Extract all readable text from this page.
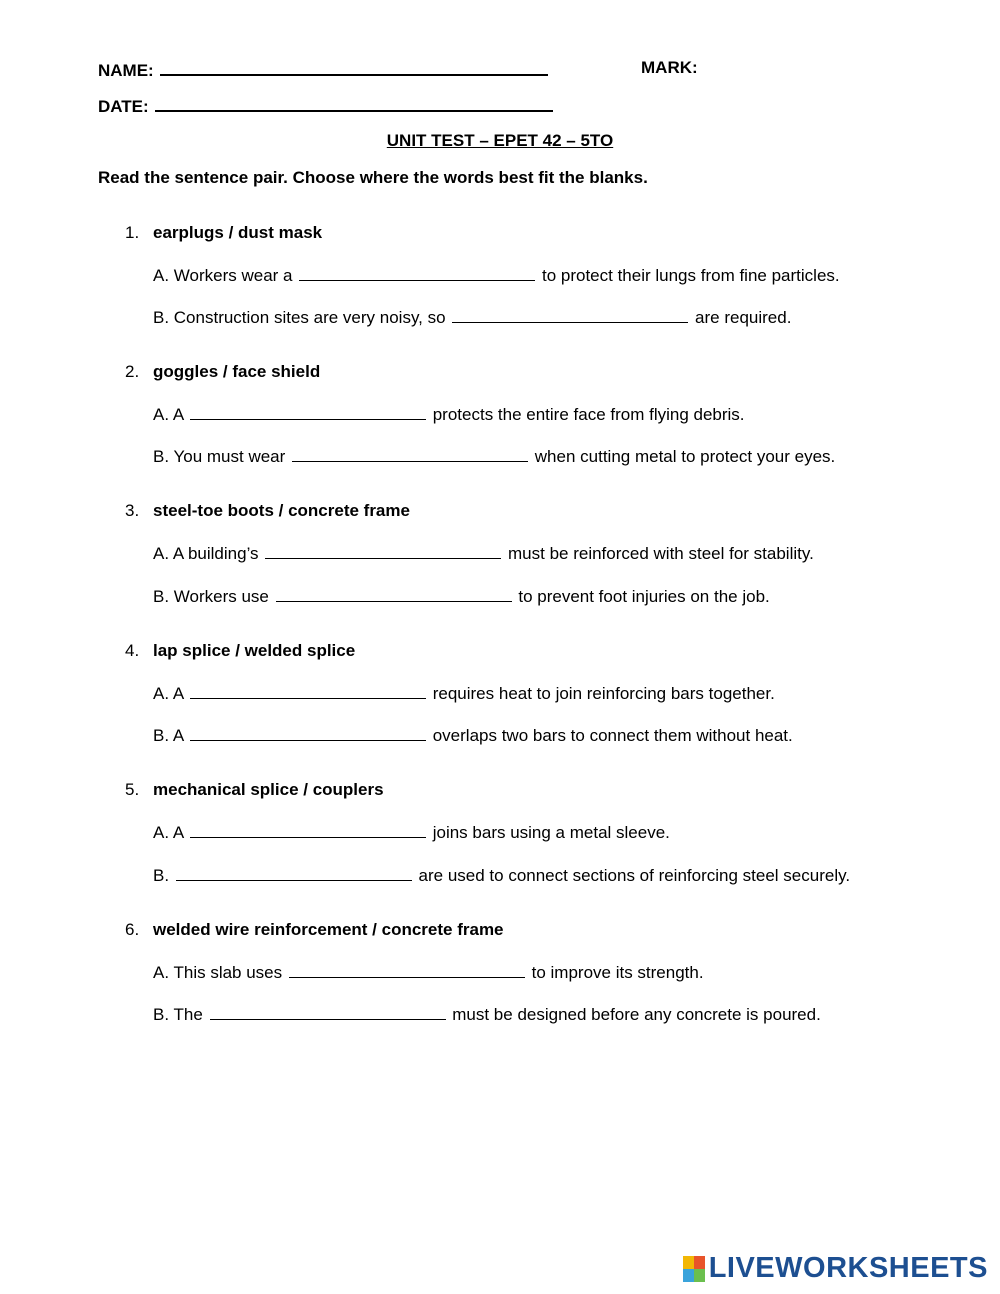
NAME:	MARK:
DATE:
UNIT TEST – EPET 42 – 5TO
Read the sentence pair. Choose where the words best fit the blanks.
1. earplugs / dust mask
A. Workers wear a	to protect their lungs from fine particles.
B. Construction sites are very noisy, so	are required.
2. goggles / face shield
A. A	protects the entire face from flying debris.
B. You must wear	when cutting metal to protect your eyes.
3. steel-toe boots / concrete frame
A. A building’s	must be reinforced with steel for stability.
B. Workers use	to prevent foot injuries on the job.
4. lap splice / welded splice
A. A	requires heat to join reinforcing bars together.
B. A	overlaps two bars to connect them without heat.
5. mechanical splice / couplers
A. A	joins bars using a metal sleeve.
B.	are used to connect sections of reinforcing steel securely.
6. welded wire reinforcement / concrete frame
A. This slab uses	to improve its strength.
B. The	must be designed before any concrete is poured.
LIVEWORKSHEETS
